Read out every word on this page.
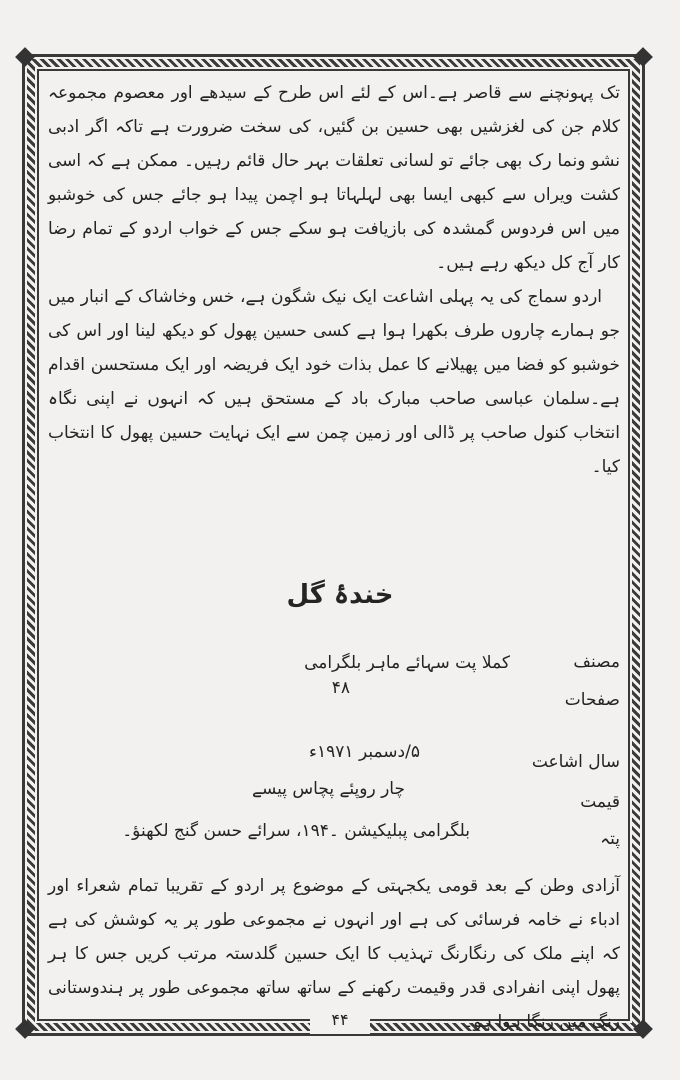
تک پہونچنے سے قاصر ہے۔اس کے لئے اس طرح کے سیدھے اور معصوم مجموعہ کلام جن کی لغزشیں بھی حسین بن گئیں، کی سخت ضرورت ہے تاکہ اگر ادبی نشو ونما رک بھی جائے تو لسانی تعلقات بہر حال قائم رہیں۔ ممکن ہے کہ اسی کشت ویراں سے کبھی ایسا بھی لہلہاتا ہو اچمن پیدا ہو جائے جس کی خوشبو میں اس فردوس گمشدہ کی بازیافت ہو سکے جس کے خواب اردو کے تمام رضا کار آج کل دیکھ رہے ہیں۔

اردو سماج کی یہ پہلی اشاعت ایک نیک شگون ہے، خس وخاشاک کے انبار میں جو ہمارے چاروں طرف بکھرا ہوا ہے کسی حسین پھول کو دیکھ لینا اور اس کی خوشبو کو فضا میں پھیلانے کا عمل بذات خود ایک فریضہ اور ایک مستحسن اقدام ہے۔سلمان عباسی صاحب مبارک باد کے مستحق ہیں کہ انہوں نے اپنی نگاہ انتخاب کنول صاحب پر ڈالی اور زمین چمن سے ایک نہایت حسین پھول کا انتخاب کیا۔

خندۂ گل
مصنف
کملا پت سہائے ماہر بلگرامی
صفحات
۴۸
سال اشاعت
۵/دسمبر ۱۹۷۱ء
قیمت
چار روپئے پچاس پیسے
پتہ
بلگرامی پبلیکیشن ۔۱۹۴، سرائے حسن گنج لکھنؤ۔

آزادی وطن کے بعد قومی یکجہتی کے موضوع پر اردو کے تقریبا تمام شعراء اور ادباء نے خامہ فرسائی کی ہے اور انہوں نے مجموعی طور پر یہ کوشش کی ہے کہ اپنے ملک کی رنگارنگ تہذیب کا ایک حسین گلدستہ مرتب کریں جس کا ہر پھول اپنی انفرادی قدر وقیمت رکھنے کے ساتھ ساتھ مجموعی طور پر ہندوستانی رنگ میں رنگا ہوا ہو۔

۴۴
